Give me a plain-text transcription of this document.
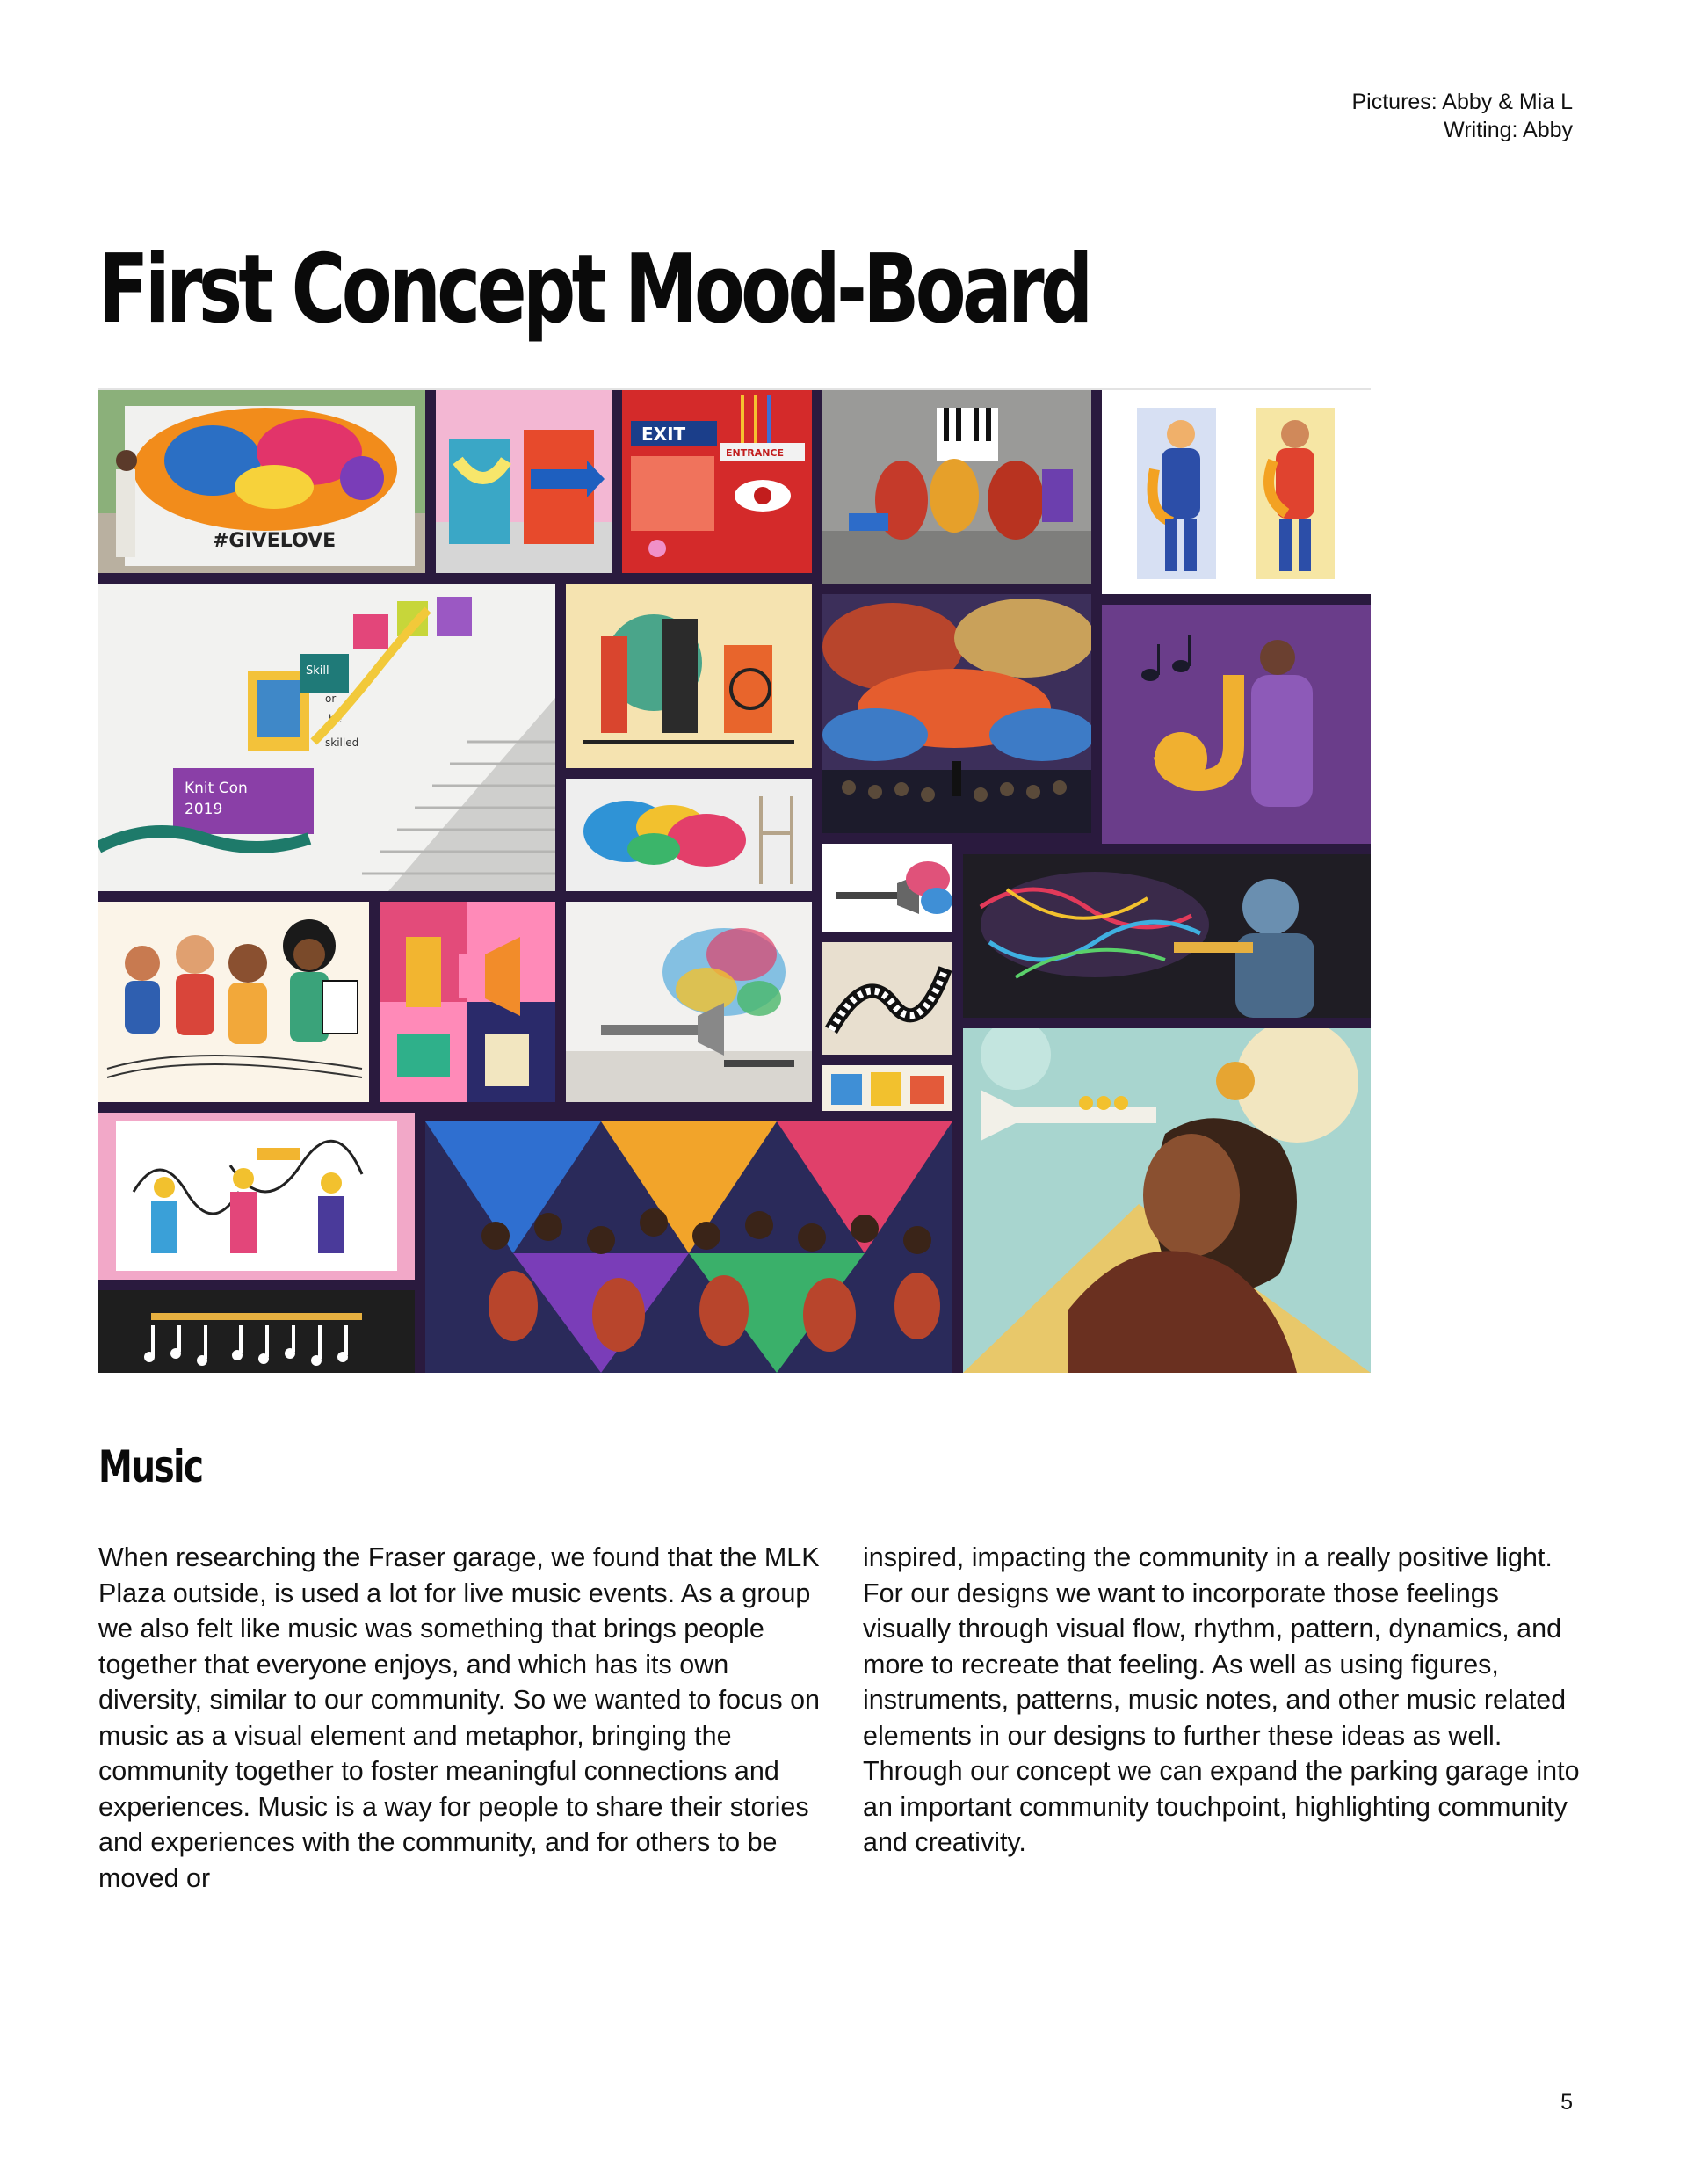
Pictures: Abby & Mia L
Writing: Abby
First Concept Mood-Board
#GIVELOVE
EXIT
ENTRANCE
Knit Con
2019
Skill
or
be
skilled
Music

When researching the Fraser garage, we found that the MLK Plaza outside, is used a lot for live music events. As a group we also felt like music was something that brings people together that everyone enjoys, and which has its own diversity, similar to our community. So we wanted to focus on music as a visual element and metaphor, bringing the community together to foster meaningful connections and experiences. Music is a way for people to share their stories and experiences with the community, and for others to be moved or

inspired, impacting the community in a really positive light. For our designs we want to incorporate those feelings visually through visual flow, rhythm, pattern, dynamics, and more to recreate that feeling. As well as using figures, instruments, patterns, music notes, and other music related elements in our designs to further these ideas as well. Through our concept we can expand the parking garage into an important community touchpoint, highlighting community and creativity.

5
